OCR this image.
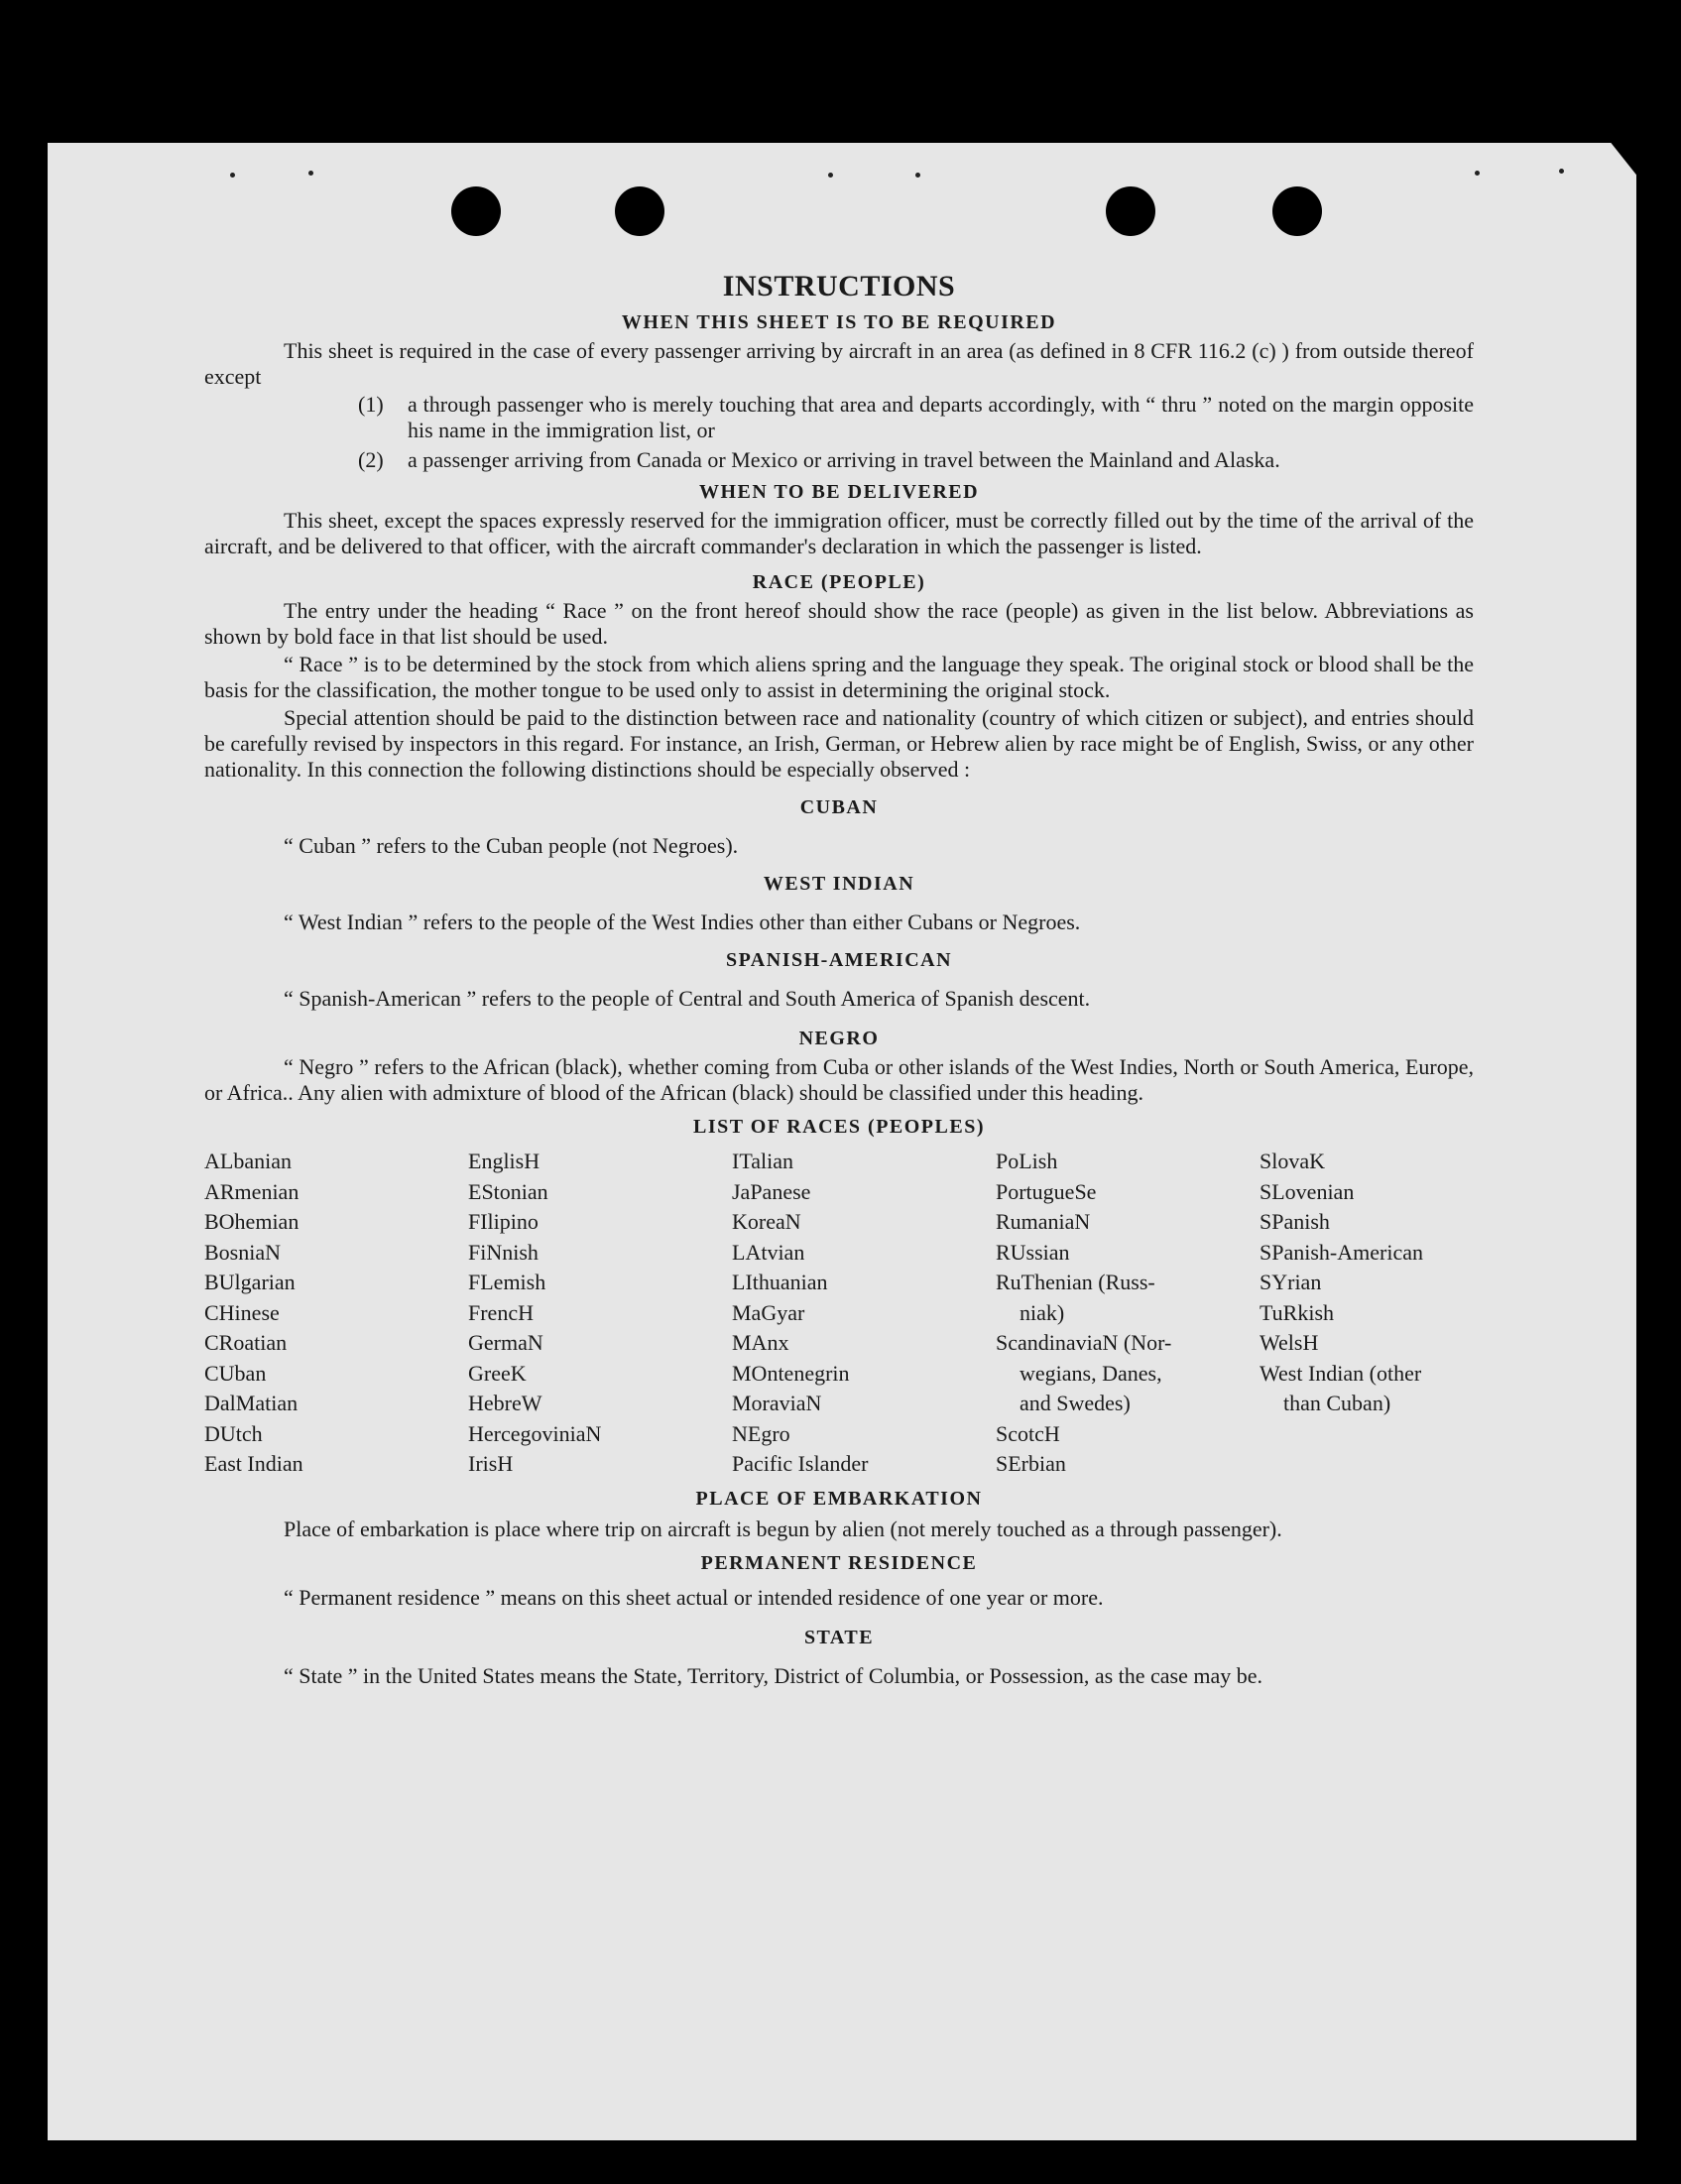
INSTRUCTIONS
WHEN THIS SHEET IS TO BE REQUIRED

This sheet is required in the case of every passenger arriving by aircraft in an area (as defined in 8 CFR 116.2 (c) ) from outside thereof except

(1)	a through passenger who is merely touching that area and departs accordingly, with “ thru ” noted on the margin opposite his name in the immigration list, or
(2)	a passenger arriving from Canada or Mexico or arriving in travel between the Mainland and Alaska.
WHEN TO BE DELIVERED

This sheet, except the spaces expressly reserved for the immigration officer, must be correctly filled out by the time of the arrival of the aircraft, and be delivered to that officer, with the aircraft commander's declaration in which the passenger is listed.

RACE (PEOPLE)

The entry under the heading “ Race ” on the front hereof should show the race (people) as given in the list below. Abbreviations as shown by bold face in that list should be used.

“ Race ” is to be determined by the stock from which aliens spring and the language they speak. The original stock or blood shall be the basis for the classification, the mother tongue to be used only to assist in determining the original stock.

Special attention should be paid to the distinction between race and nationality (country of which citizen or subject), and entries should be carefully revised by inspectors in this regard. For instance, an Irish, German, or Hebrew alien by race might be of English, Swiss, or any other nationality. In this connection the following distinctions should be especially observed :

CUBAN
“ Cuban ” refers to the Cuban people (not Negroes).
WEST INDIAN
“ West Indian ” refers to the people of the West Indies other than either Cubans or Negroes.
SPANISH-AMERICAN
“ Spanish-American ” refers to the people of Central and South America of Spanish descent.
NEGRO

“ Negro ” refers to the African (black), whether coming from Cuba or other islands of the West Indies, North or South America, Europe, or Africa.. Any alien with admixture of blood of the African (black) should be classified under this heading.

LIST OF RACES (PEOPLES)
ALbanian
ARmenian
BOhemian
BosniaN
BUlgarian
CHinese
CRoatian
CUban
DalMatian
DUtch
East Indian
EnglisH
EStonian
FIlipino
FiNnish
FLemish
FrencH
GermaN
GreeK
HebreW
HercegoviniaN
IrisH
ITalian
JaPanese
KoreaN
LAtvian
LIthuanian
MaGyar
MAnx
MOntenegrin
MoraviaN
NEgro
Pacific Islander
PoLish
PortugueSe
RumaniaN
RUssian
RuThenian (Russ-
niak)
ScandinaviaN (Nor-
wegians, Danes,
and Swedes)
ScotcH
SErbian
SlovaK
SLovenian
SPanish
SPanish-American
SYrian
TuRkish
WelsH
West Indian (other
than Cuban)
PLACE OF EMBARKATION

Place of embarkation is place where trip on aircraft is begun by alien (not merely touched as a through passenger).

PERMANENT RESIDENCE
“ Permanent residence ” means on this sheet actual or intended residence of one year or more.
STATE

“ State ” in the United States means the State, Territory, District of Columbia, or Possession, as the case may be.
